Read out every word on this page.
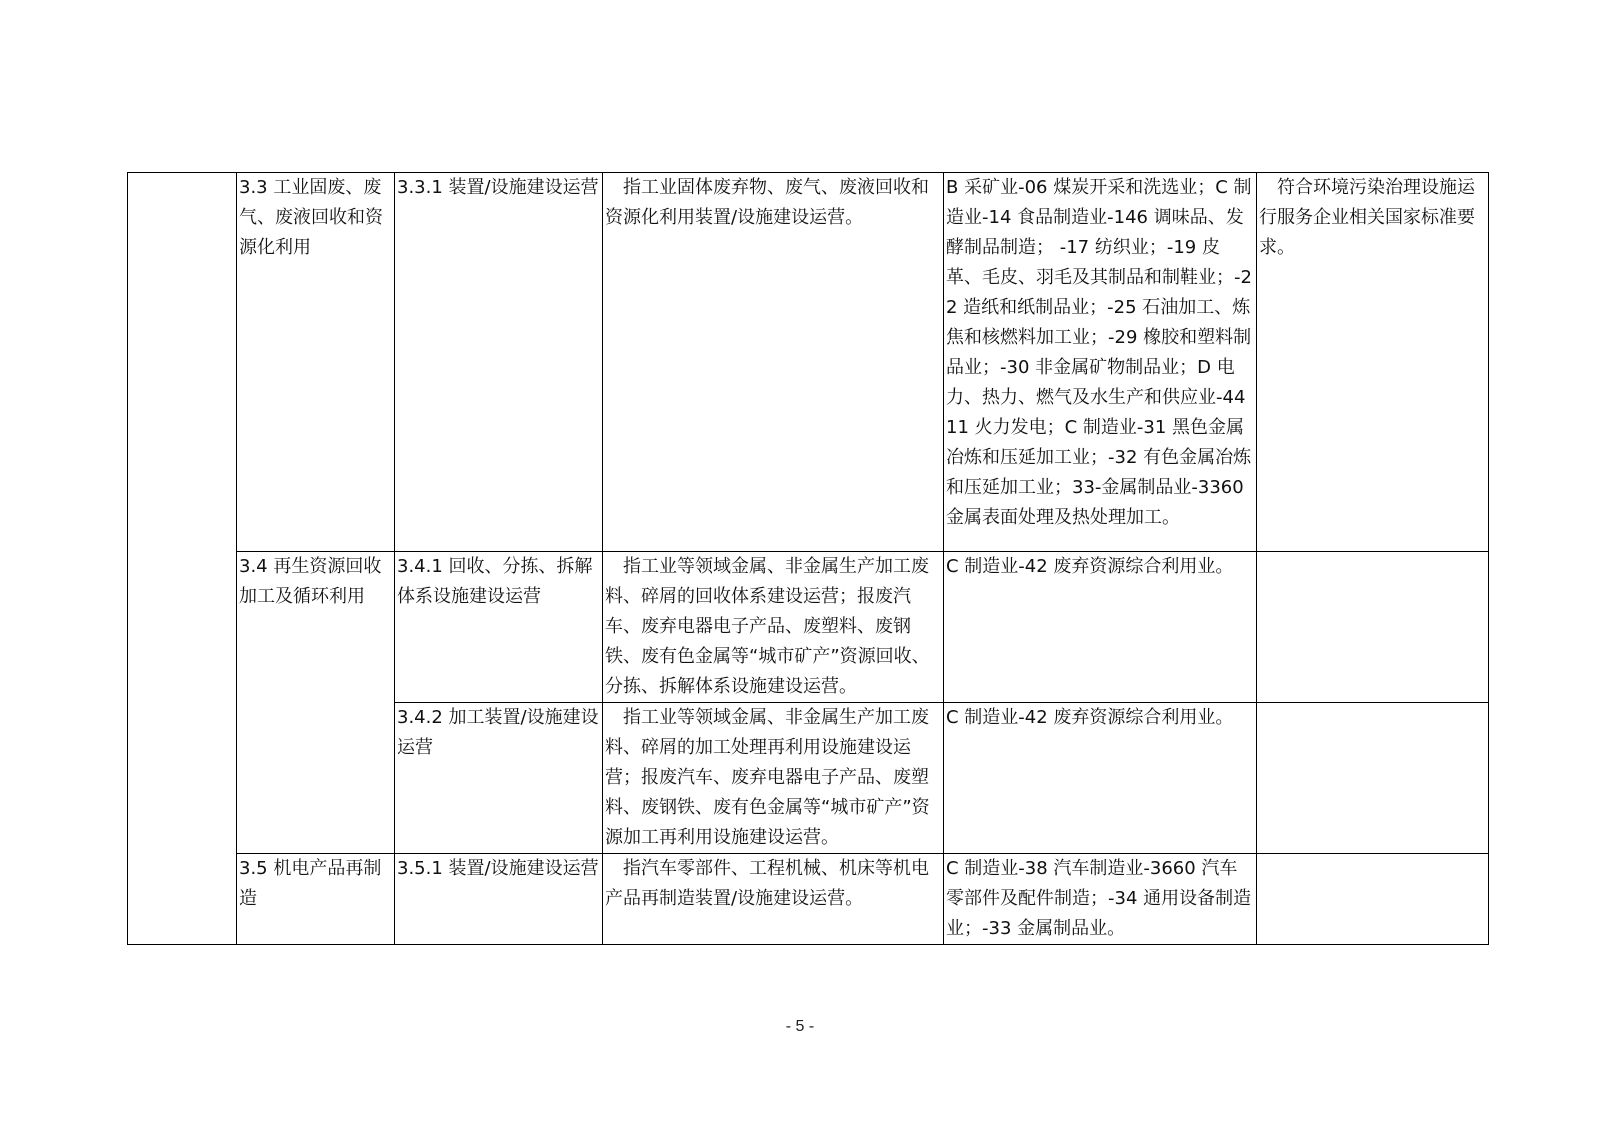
	3.3 工业固废、废气、废液回收和资源化利用	3.3.1 装置/设施建设运营	指工业固体废弃物、废气、废液回收和资源化利用装置/设施建设运营。	B 采矿业-06 煤炭开采和洗选业；C 制造业-14 食品制造业-146 调味品、发酵制品制造； -17 纺织业；-19 皮革、毛皮、羽毛及其制品和制鞋业；-22 造纸和纸制品业；-25 石油加工、炼焦和核燃料加工业；-29 橡胶和塑料制品业；-30 非金属矿物制品业；D 电力、热力、燃气及水生产和供应业-4411 火力发电；C 制造业-31 黑色金属冶炼和压延加工业；-32 有色金属冶炼和压延加工业；33-金属制品业-3360 金属表面处理及热处理加工。	符合环境污染治理设施运行服务企业相关国家标准要求。
	3.4 再生资源回收加工及循环利用	3.4.1 回收、分拣、拆解体系设施建设运营	指工业等领域金属、非金属生产加工废料、碎屑的回收体系建设运营；报废汽车、废弃电器电子产品、废塑料、废钢铁、废有色金属等“城市矿产”资源回收、分拣、拆解体系设施建设运营。	C 制造业-42 废弃资源综合利用业。	
		3.4.2 加工装置/设施建设运营	指工业等领域金属、非金属生产加工废料、碎屑的加工处理再利用设施建设运营；报废汽车、废弃电器电子产品、废塑料、废钢铁、废有色金属等“城市矿产”资源加工再利用设施建设运营。	C 制造业-42 废弃资源综合利用业。	
	3.5 机电产品再制造	3.5.1 装置/设施建设运营	指汽车零部件、工程机械、机床等机电产品再制造装置/设施建设运营。	C 制造业-38 汽车制造业-3660 汽车零部件及配件制造；-34 通用设备制造业；-33 金属制品业。	
- 5 -
